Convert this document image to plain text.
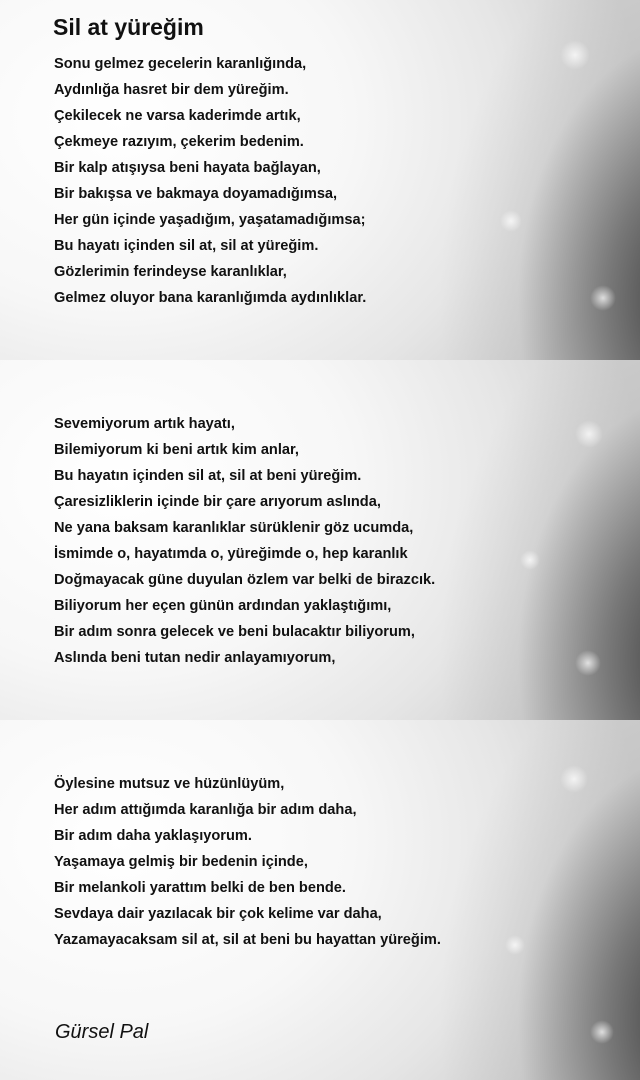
Sil at yüreğim
Sonu gelmez gecelerin karanlığında,
Aydınlığa hasret bir dem yüreğim.
Çekilecek ne varsa kaderimde artık,
Çekmeye razıyım, çekerim bedenim.
Bir kalp atışıysa beni hayata bağlayan,
Bir bakışsa ve bakmaya doyamadığımsa,
Her gün içinde yaşadığım, yaşatamadığımsa;
Bu hayatı içinden sil at, sil at yüreğim.
Gözlerimin ferindeyse karanlıklar,
Gelmez oluyor bana karanlığımda aydınlıklar.
Sevemiyorum artık hayatı,
Bilemiyorum ki beni artık kim anlar,
Bu hayatın içinden sil at, sil at beni yüreğim.
Çaresizliklerin içinde bir çare arıyorum aslında,
Ne yana baksam karanlıklar sürüklenir göz ucumda,
İsmimde o, hayatımda o, yüreğimde o, hep karanlık
Doğmayacak güne duyulan özlem var belki de birazcık.
Biliyorum her eçen günün ardından yaklaştığımı,
Bir adım sonra gelecek ve beni bulacaktır biliyorum,
Aslında beni tutan nedir anlayamıyorum,
Öylesine mutsuz ve hüzünlüyüm,
Her adım attığımda karanlığa bir adım daha,
Bir adım daha yaklaşıyorum.
Yaşamaya gelmiş bir bedenin içinde,
Bir melankoli yarattım belki de ben bende.
Sevdaya dair yazılacak bir çok kelime var daha,
Yazamayacaksam sil at, sil at beni bu hayattan yüreğim.

Gürsel Pal
